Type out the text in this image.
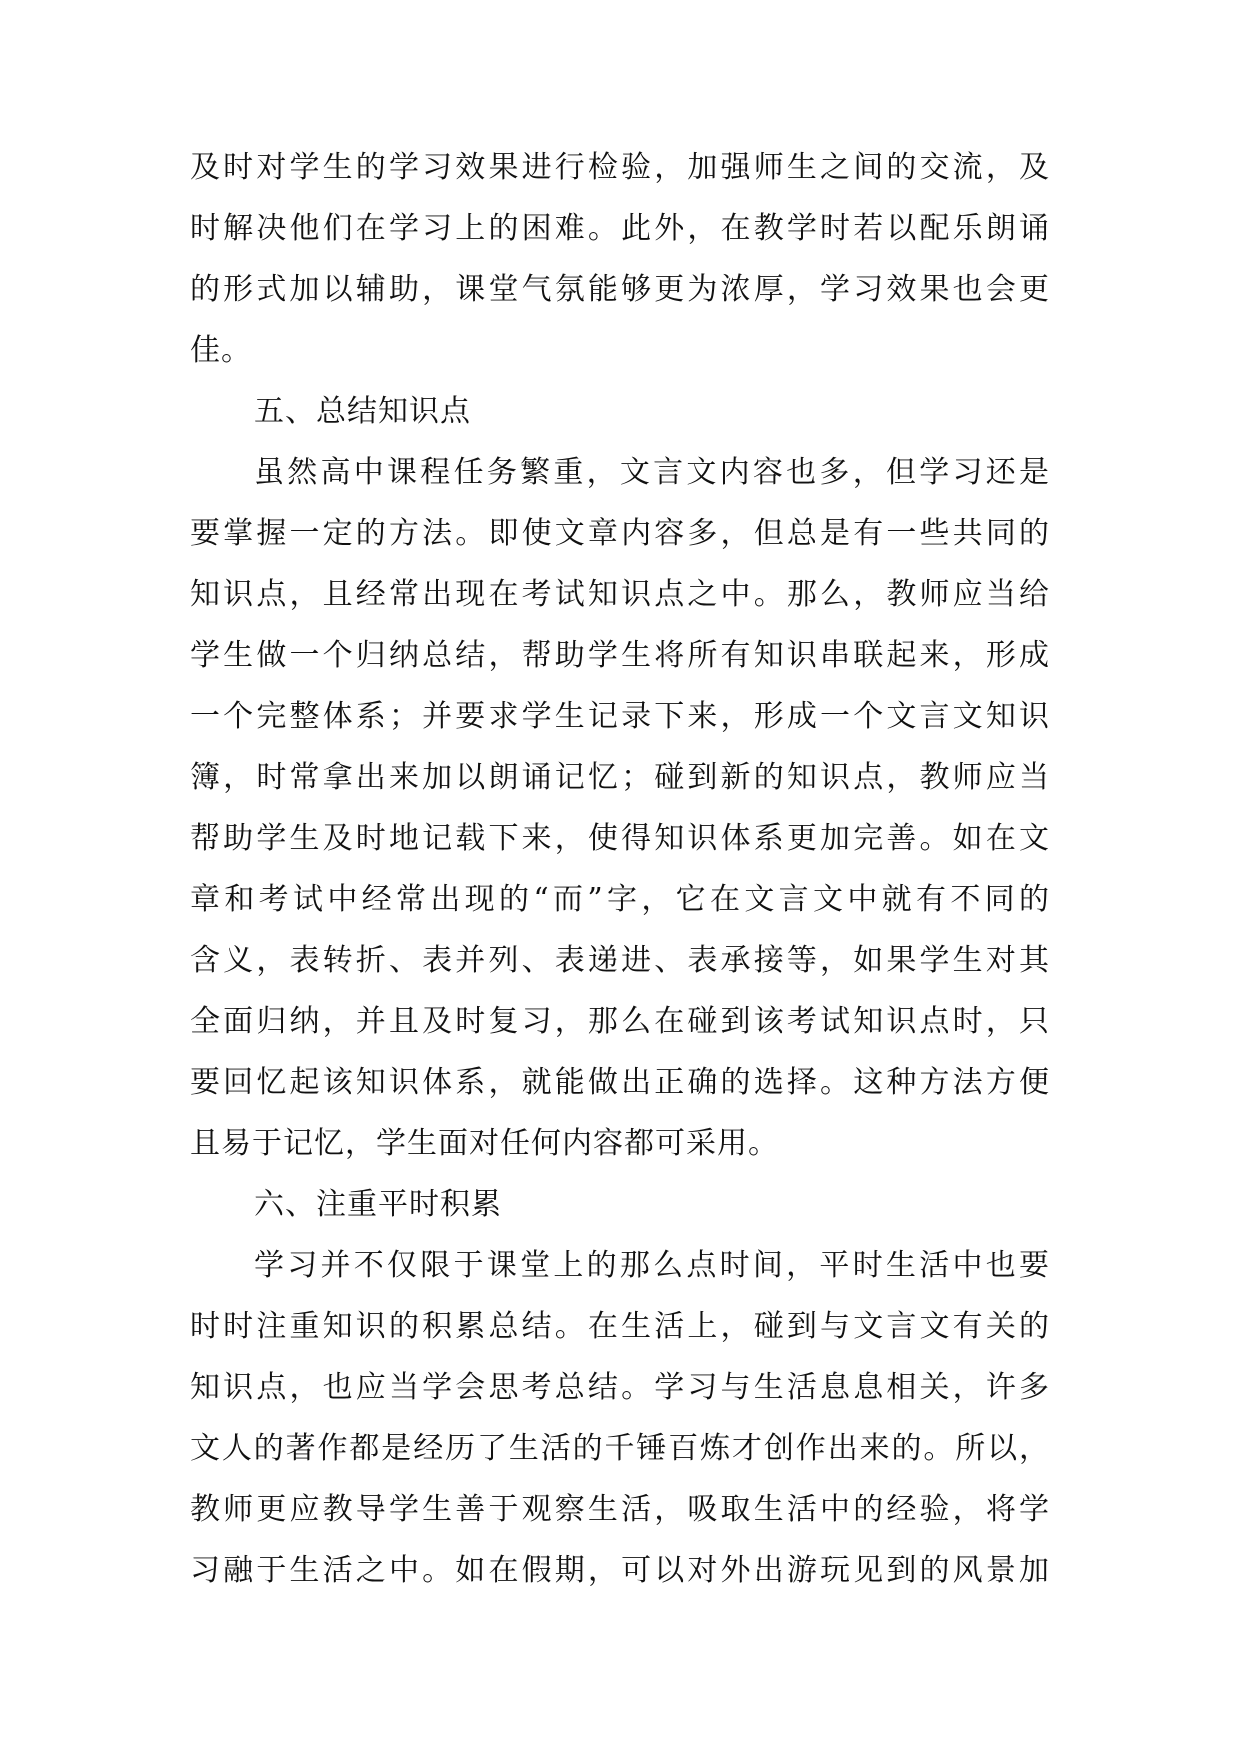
及时对学生的学习效果进行检验，加强师生之间的交流，及
时解决他们在学习上的困难。此外，在教学时若以配乐朗诵
的形式加以辅助，课堂气氛能够更为浓厚，学习效果也会更
佳。
五、总结知识点
虽然高中课程任务繁重，文言文内容也多，但学习还是
要掌握一定的方法。即使文章内容多，但总是有一些共同的
知识点，且经常出现在考试知识点之中。那么，教师应当给
学生做一个归纳总结，帮助学生将所有知识串联起来，形成
一个完整体系；并要求学生记录下来，形成一个文言文知识
簿，时常拿出来加以朗诵记忆；碰到新的知识点，教师应当
帮助学生及时地记载下来，使得知识体系更加完善。如在文
章和考试中经常出现的“而”字，它在文言文中就有不同的
含义，表转折、表并列、表递进、表承接等，如果学生对其
全面归纳，并且及时复习，那么在碰到该考试知识点时，只
要回忆起该知识体系，就能做出正确的选择。这种方法方便
且易于记忆，学生面对任何内容都可采用。
六、注重平时积累
学习并不仅限于课堂上的那么点时间，平时生活中也要
时时注重知识的积累总结。在生活上，碰到与文言文有关的
知识点，也应当学会思考总结。学习与生活息息相关，许多
文人的著作都是经历了生活的千锤百炼才创作出来的。所以，
教师更应教导学生善于观察生活，吸取生活中的经验，将学
习融于生活之中。如在假期，可以对外出游玩见到的风景加
